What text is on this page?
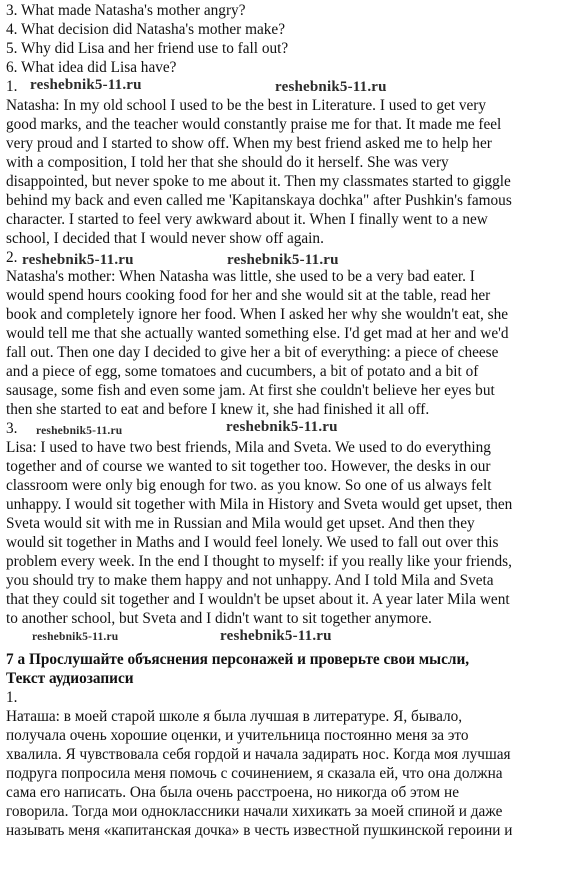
3. What made Natasha's mother angry?
4. What decision did Natasha's mother make?
5. Why did Lisa and her friend use to fall out?
6. What idea did Lisa have?
1. reshebnik5-11.ru	reshebnik5-11.ru
Natasha: In my old school I used to be the best in Literature. I used to get very
good marks, and the teacher would constantly praise me for that. It made me feel
very proud and I started to show off. When my best friend asked me to help her
with a composition, I told her that she should do it herself. She was very
disappointed, but never spoke to me about it. Then my classmates started to giggle
behind my back and even called me 'Kapitanskaya dochka" after Pushkin's famous
character. I started to feel very awkward about it. When I finally went to a new
school, I decided that I would never show off again.
2. reshebnik5-11.ru	reshebnik5-11.ru
Natasha's mother: When Natasha was little, she used to be a very bad eater. I
would spend hours cooking food for her and she would sit at the table, read her
book and completely ignore her food. When I asked her why she wouldn't eat, she
would tell me that she actually wanted something else. I'd get mad at her and we'd
fall out. Then one day I decided to give her a bit of everything: a piece of cheese
and a piece of egg, some tomatoes and cucumbers, a bit of potato and a bit of
sausage, some fish and even some jam. At first she couldn't believe her eyes but
then she started to eat and before I knew it, she had finished it all off.
3. reshebnik5-11.ru	reshebnik5-11.ru
Lisa: I used to have two best friends, Mila and Sveta. We used to do everything
together and of course we wanted to sit together too. However, the desks in our
classroom were only big enough for two. as you know. So one of us always felt
unhappy. I would sit together with Mila in History and Sveta would get upset, then
Sveta would sit with me in Russian and Mila would get upset. And then they
would sit together in Maths and I would feel lonely. We used to fall out over this
problem every week. In the end I thought to myself: if you really like your friends,
you should try to make them happy and not unhappy. And I told Mila and Sveta
that they could sit together and I wouldn't be upset about it. A year later Mila went
to another school, but Sveta and I didn't want to sit together anymore.
reshebnik5-11.ru	reshebnik5-11.ru
7 а Прослушайте объяснения персонажей и проверьте свои мысли,
Текст аудиозаписи
1.
Наташа: в моей старой школе я была лучшая в литературе. Я, бывало,
получала очень хорошие оценки, и учительница постоянно меня за это
хвалила. Я чувствовала себя гордой и начала задирать нос. Когда моя лучшая
подруга попросила меня помочь с сочинением, я сказала ей, что она должна
сама его написать. Она была очень расстроена, но никогда об этом не
говорила. Тогда мои одноклассники начали хихикать за моей спиной и даже
называть меня «капитанская дочка» в честь известной пушкинской героини и
